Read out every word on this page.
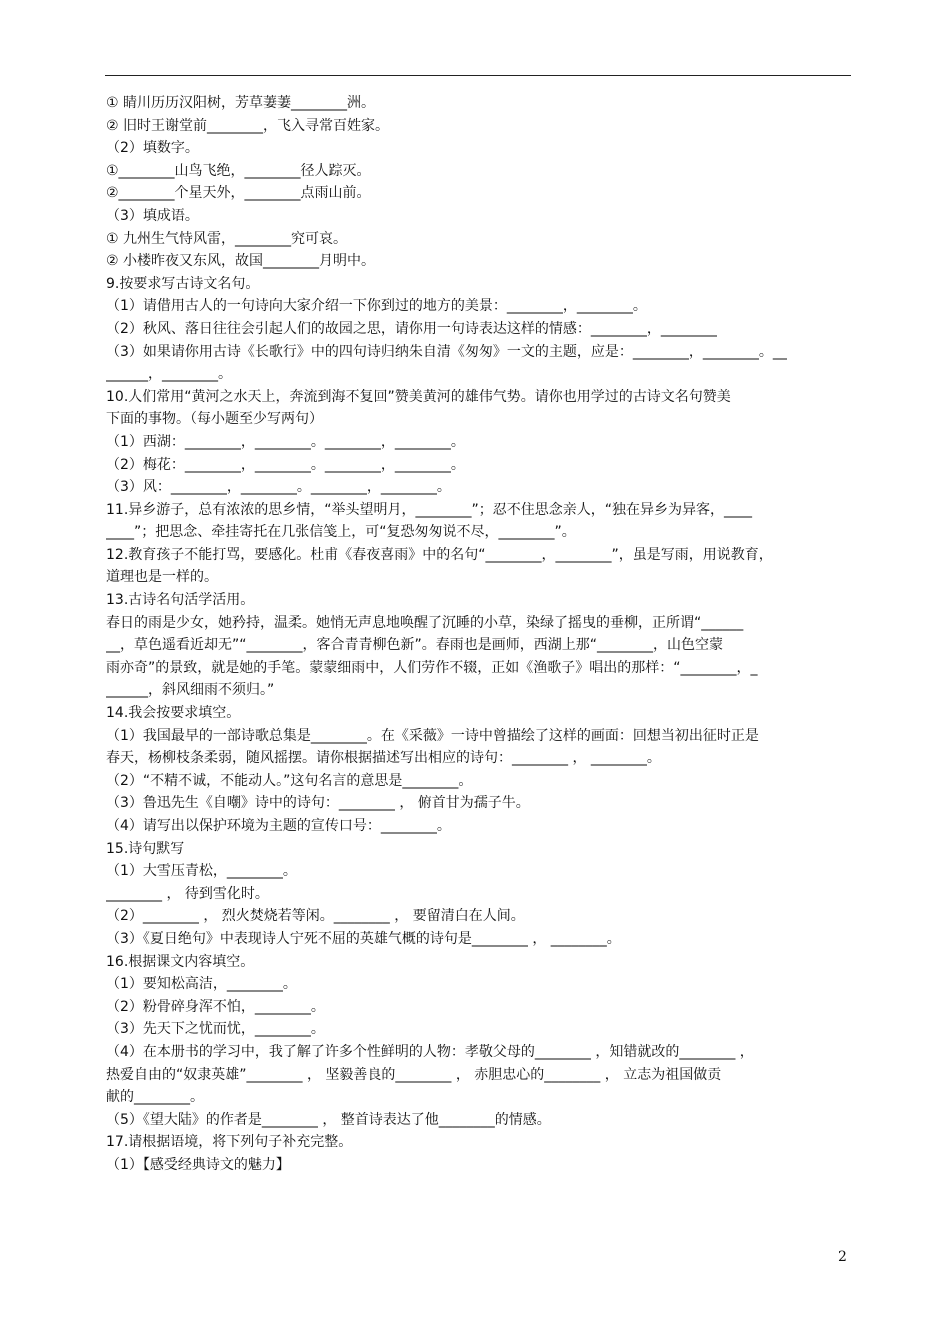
① 睛川历历汉阳树，芳草萋萋________洲。
② 旧时王谢堂前________，飞入寻常百姓家。
（2）填数字。
①________山鸟飞绝，________径人踪灭。
②________个星天外，________点雨山前。
（3）填成语。
① 九州生气恃风雷，________究可哀。
② 小楼昨夜又东风，故国________月明中。
9.按要求写古诗文名句。
（1）请借用古人的一句诗向大家介绍一下你到过的地方的美景：________，________。
（2）秋风、落日往往会引起人们的故园之思，请你用一句诗表达这样的情感：________，________
（3）如果请你用古诗《长歌行》中的四句诗归纳朱自清《匆匆》一文的主题，应是：________，________。__
______，________。
10.人们常用“黄河之水天上，奔流到海不复回”赞美黄河的雄伟气势。请你也用学过的古诗文名句赞美
下面的事物。（每小题至少写两句）
（1）西湖：________，________。________，________。
（2）梅花：________，________。________，________。
（3）风：________，________。________，________。
11.异乡游子，总有浓浓的思乡情，“举头望明月，________”；忍不住思念亲人，“独在异乡为异客，____
____”；把思念、牵挂寄托在几张信笺上，可“复恐匆匆说不尽，________”。
12.教育孩子不能打骂，要感化。杜甫《春夜喜雨》中的名句“________，________”，虽是写雨，用说教育，
道理也是一样的。
13.古诗名句活学活用。
春日的雨是少女，她矜持，温柔。她悄无声息地唤醒了沉睡的小草，染绿了摇曳的垂柳，正所谓“______
__，草色遥看近却无”“________，客合青青柳色新”。春雨也是画师，西湖上那“________，山色空蒙
雨亦奇”的景致，就是她的手笔。蒙蒙细雨中，人们劳作不辍，正如《渔歌子》唱出的那样：“________，_
______，斜风细雨不须归。”
14.我会按要求填空。
（1）我国最早的一部诗歌总集是________。在《采薇》一诗中曾描绘了这样的画面：回想当初出征时正是
春天，杨柳枝条柔弱，随风摇摆。请你根据描述写出相应的诗句：________ ， ________。
（2）“不精不诚，不能动人。”这句名言的意思是________。
（3）鲁迅先生《自嘲》诗中的诗句：________ ， 俯首甘为孺子牛。
（4）请写出以保护环境为主题的宣传口号：________。
15.诗句默写
（1）大雪压青松，________。
________ ， 待到雪化时。
（2）________ ， 烈火焚烧若等闲。________ ， 要留清白在人间。
（3）《夏日绝句》中表现诗人宁死不屈的英雄气概的诗句是________ ， ________。
16.根据课文内容填空。
（1）要知松高洁，________。
（2）粉骨碎身浑不怕，________。
（3）先天下之忧而忧，________。
（4）在本册书的学习中，我了解了许多个性鲜明的人物：孝敬父母的________ ，知错就改的________ ，
热爱自由的“奴隶英雄”________ ， 坚毅善良的________ ， 赤胆忠心的________ ， 立志为祖国做贡
献的________。
（5）《望大陆》的作者是________ ， 整首诗表达了他________的情感。
17.请根据语境，将下列句子补充完整。
（1）【感受经典诗文的魅力】
2
